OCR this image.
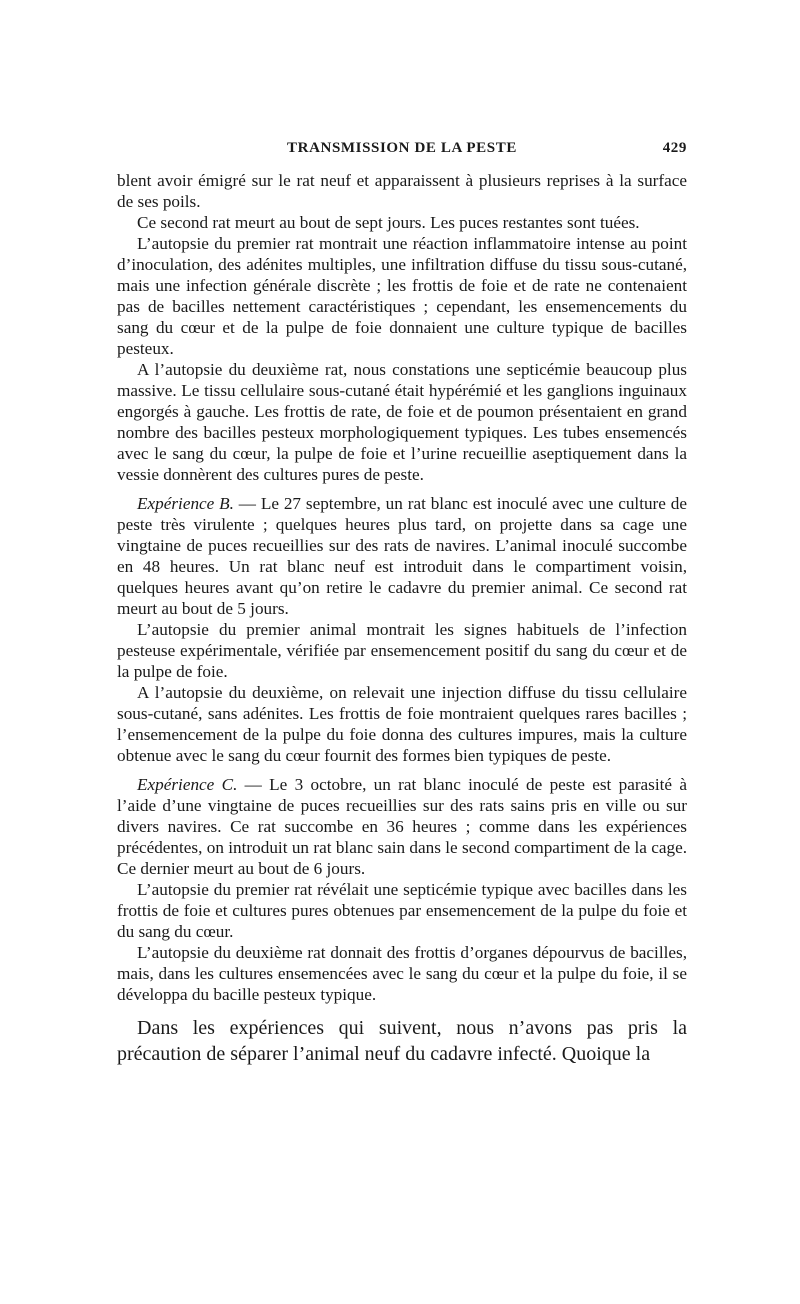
TRANSMISSION DE LA PESTE	429

blent avoir émigré sur le rat neuf et apparaissent à plusieurs reprises à la surface de ses poils.

Ce second rat meurt au bout de sept jours. Les puces restantes sont tuées.

L’autopsie du premier rat montrait une réaction inflammatoire intense au point d’inoculation, des adénites multiples, une infiltration diffuse du tissu sous-cutané, mais une infection générale discrète ; les frottis de foie et de rate ne contenaient pas de bacilles nettement caractéristiques ; cependant, les ensemencements du sang du cœur et de la pulpe de foie donnaient une culture typique de bacilles pesteux.

A l’autopsie du deuxième rat, nous constations une septicémie beaucoup plus massive. Le tissu cellulaire sous-cutané était hypérémié et les ganglions inguinaux engorgés à gauche. Les frottis de rate, de foie et de poumon présentaient en grand nombre des bacilles pesteux morphologiquement typiques. Les tubes ensemencés avec le sang du cœur, la pulpe de foie et l’urine recueillie aseptiquement dans la vessie donnèrent des cultures pures de peste.

Expérience B. — Le 27 septembre, un rat blanc est inoculé avec une culture de peste très virulente ; quelques heures plus tard, on projette dans sa cage une vingtaine de puces recueillies sur des rats de navires. L’animal inoculé succombe en 48 heures. Un rat blanc neuf est introduit dans le compartiment voisin, quelques heures avant qu’on retire le cadavre du premier animal. Ce second rat meurt au bout de 5 jours.

L’autopsie du premier animal montrait les signes habituels de l’infection pesteuse expérimentale, vérifiée par ensemencement positif du sang du cœur et de la pulpe de foie.

A l’autopsie du deuxième, on relevait une injection diffuse du tissu cellulaire sous-cutané, sans adénites. Les frottis de foie montraient quelques rares bacilles ; l’ensemencement de la pulpe du foie donna des cultures impures, mais la culture obtenue avec le sang du cœur fournit des formes bien typiques de peste.

Expérience C. — Le 3 octobre, un rat blanc inoculé de peste est parasité à l’aide d’une vingtaine de puces recueillies sur des rats sains pris en ville ou sur divers navires. Ce rat succombe en 36 heures ; comme dans les expériences précédentes, on introduit un rat blanc sain dans le second compartiment de la cage. Ce dernier meurt au bout de 6 jours.

L’autopsie du premier rat révélait une septicémie typique avec bacilles dans les frottis de foie et cultures pures obtenues par ensemencement de la pulpe du foie et du sang du cœur.

L’autopsie du deuxième rat donnait des frottis d’organes dépourvus de bacilles, mais, dans les cultures ensemencées avec le sang du cœur et la pulpe du foie, il se développa du bacille pesteux typique.

Dans les expériences qui suivent, nous n’avons pas pris la précaution de séparer l’animal neuf du cadavre infecté. Quoique la
